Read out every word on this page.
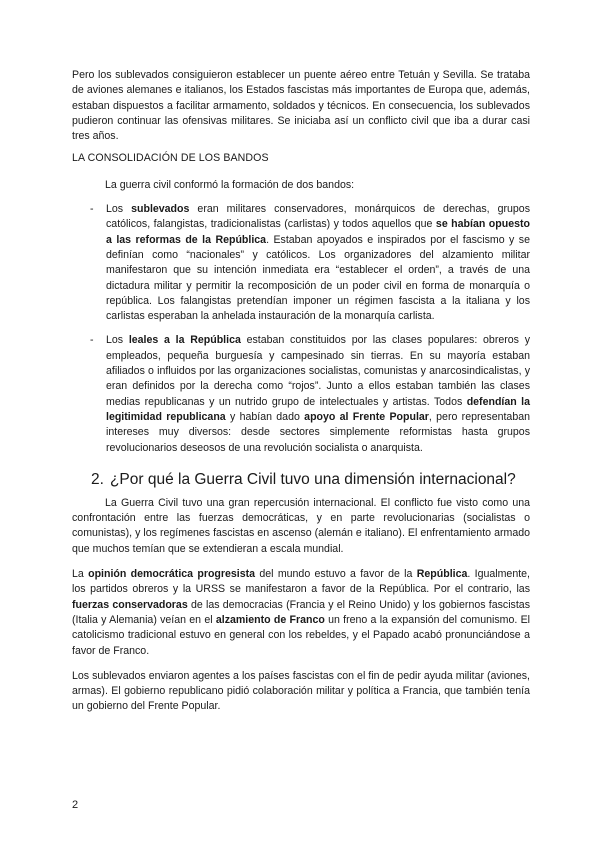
Pero los sublevados consiguieron establecer un puente aéreo entre Tetuán y Sevilla. Se trataba de aviones alemanes e italianos, los Estados fascistas más importantes de Europa que, además, estaban dispuestos a facilitar armamento, soldados y técnicos. En consecuencia, los sublevados pudieron continuar las ofensivas militares. Se iniciaba así un conflicto civil que iba a durar casi tres años.

LA CONSOLIDACIÓN DE LOS BANDOS

La guerra civil conformó la formación de dos bandos:

- Los sublevados eran militares conservadores, monárquicos de derechas, grupos católicos, falangistas, tradicionalistas (carlistas) y todos aquellos que se habían opuesto a las reformas de la República. Estaban apoyados e inspirados por el fascismo y se definían como “nacionales” y católicos. Los organizadores del alzamiento militar manifestaron que su intención inmediata era “establecer el orden”, a través de una dictadura militar y permitir la recomposición de un poder civil en forma de monarquía o república. Los falangistas pretendían imponer un régimen fascista a la italiana y los carlistas esperaban la anhelada instauración de la monarquía carlista.

- Los leales a la República estaban constituidos por las clases populares: obreros y empleados, pequeña burguesía y campesinado sin tierras. En su mayoría estaban afiliados o influidos por las organizaciones socialistas, comunistas y anarcosindicalistas, y eran definidos por la derecha como “rojos”. Junto a ellos estaban también las clases medias republicanas y un nutrido grupo de intelectuales y artistas. Todos defendían la legitimidad republicana y habían dado apoyo al Frente Popular, pero representaban intereses muy diversos: desde sectores simplemente reformistas hasta grupos revolucionarios deseosos de una revolución socialista o anarquista.

2. ¿Por qué la Guerra Civil tuvo una dimensión internacional?

La Guerra Civil tuvo una gran repercusión internacional. El conflicto fue visto como una confrontación entre las fuerzas democráticas, y en parte revolucionarias (socialistas o comunistas), y los regímenes fascistas en ascenso (alemán e italiano). El enfrentamiento armado que muchos temían que se extendieran a escala mundial.

La opinión democrática progresista del mundo estuvo a favor de la República. Igualmente, los partidos obreros y la URSS se manifestaron a favor de la República. Por el contrario, las fuerzas conservadoras de las democracias (Francia y el Reino Unido) y los gobiernos fascistas (Italia y Alemania) veían en el alzamiento de Franco un freno a la expansión del comunismo. El catolicismo tradicional estuvo en general con los rebeldes, y el Papado acabó pronunciándose a favor de Franco.

Los sublevados enviaron agentes a los países fascistas con el fin de pedir ayuda militar (aviones, armas). El gobierno republicano pidió colaboración militar y política a Francia, que también tenía un gobierno del Frente Popular.

2
